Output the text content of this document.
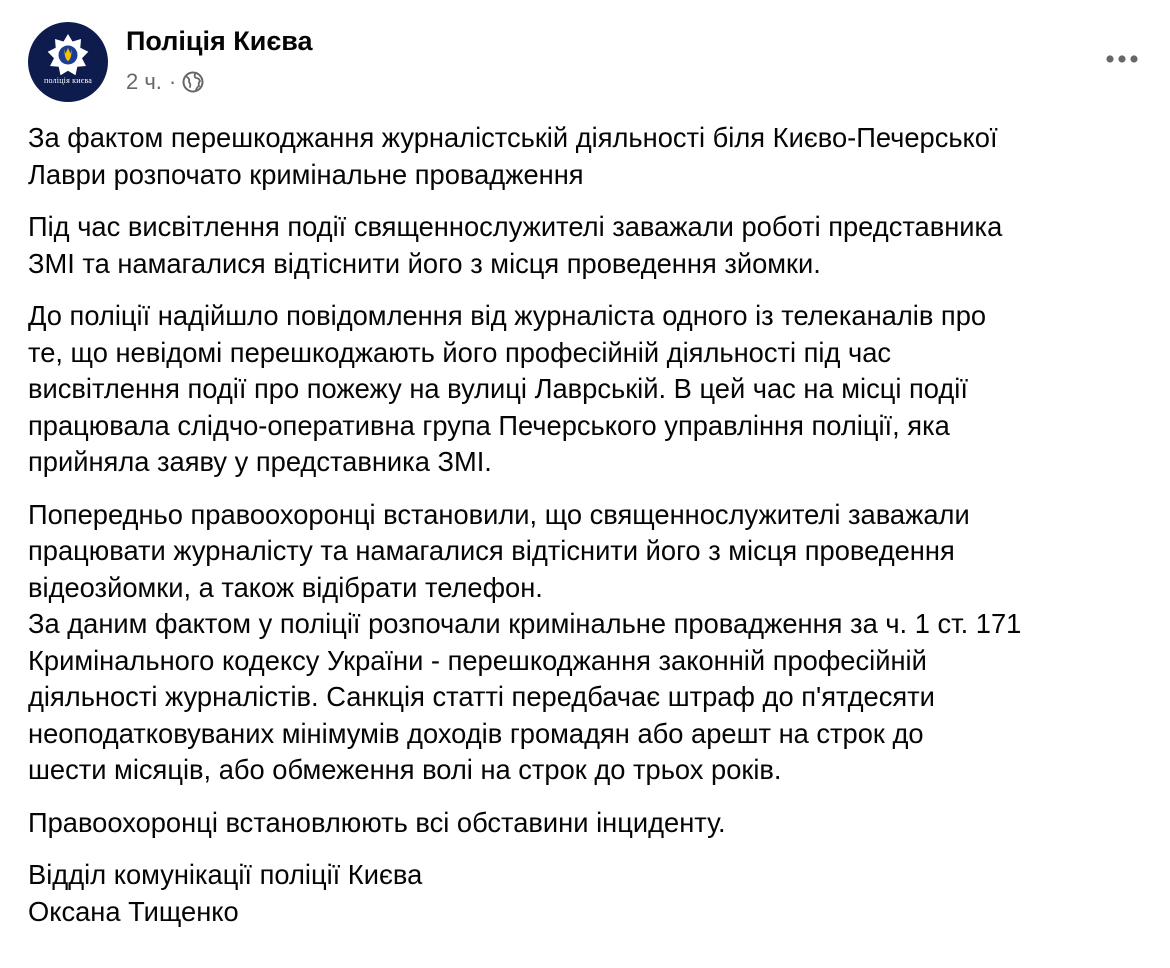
поліція києва
Поліція Києва
2 ч. ·

За фактом перешкоджання журналістській діяльності біля Києво-Печерської
Лаври розпочато кримінальне провадження

Під час висвітлення події священнослужителі заважали роботі представника
ЗМІ та намагалися відтіснити його з місця проведення зйомки.

До поліції надійшло повідомлення від журналіста одного із телеканалів про
те, що невідомі перешкоджають його професійній діяльності під час
висвітлення події про пожежу на вулиці Лаврській. В цей час на місці події
працювала слідчо-оперативна група Печерського управління поліції, яка
прийняла заяву у представника ЗМІ.

Попередньо правоохоронці встановили, що священнослужителі заважали
працювати журналісту та намагалися відтіснити його з місця проведення
відеозйомки, а також відібрати телефон.

За даним фактом у поліції розпочали кримінальне провадження за ч. 1 ст. 171
Кримінального кодексу України - перешкоджання законній професійній
діяльності журналістів. Санкція статті передбачає штраф до п'ятдесяти
неоподатковуваних мінімумів доходів громадян або арешт на строк до
шести місяців, або обмеження волі на строк до трьох років.

Правоохоронці встановлюють всі обставини інциденту.

Відділ комунікації поліції Києва
Оксана Тищенко
